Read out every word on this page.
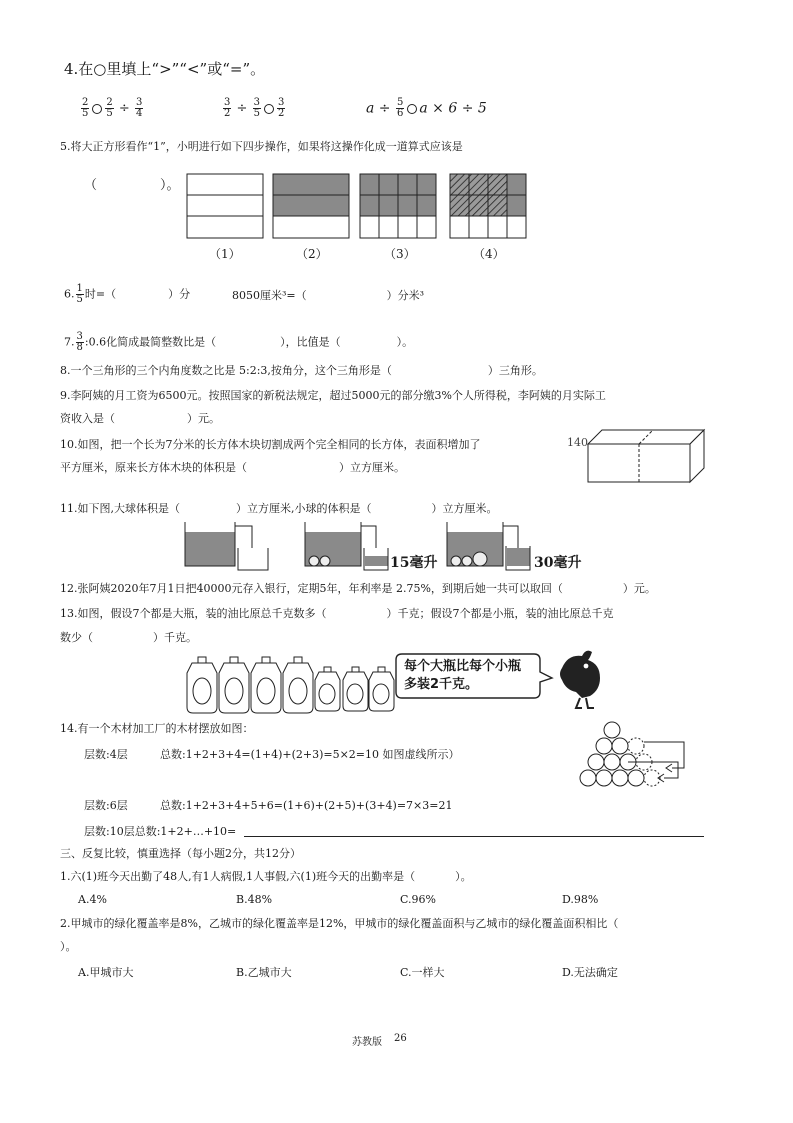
4.在○里填上“>”“<”或“=”。
$\frac{2}{5} \frac{2}{5} \div \frac{3}{4}$	$\frac{3}{2} \div \frac{3}{5} \frac{3}{2}$	$a \div \frac{5}{6}$ a × 6 ÷ 5
5.将大正方形看作“1”，小明进行如下四步操作，如果将这操作化成一道算式应该是
（	）。
（1）	（2）	（3）	（4）
6. $\frac{1}{5}$ 时=（	）分	8050厘米³=（	）分米³
7. $\frac{3}{8}$ :0.6化简成最简整数比是（	），比值是（	）。
8.一个三角形的三个内角度数之比是 5:2:3,按角分，这个三角形是（	）三角形。
9.李阿姨的月工资为6500元。按照国家的新税法规定，超过5000元的部分缴3%个人所得税，李阿姨的月实际工
资收入是（	）元。
10.如图，把一个长为7分米的长方体木块切割成两个完全相同的长方体，表面积增加了	140
平方厘米，原来长方体木块的体积是（	）立方厘米。
11.如下图,大球体积是（	）立方厘米,小球的体积是（	）立方厘米。
15毫升	30毫升
12.张阿姨2020年7月1日把40000元存入银行，定期5年，年利率是 2.75%，到期后她一共可以取回（	）元。
13.如图，假设7个都是大瓶，装的油比原总千克数多（	）千克；假设7个都是小瓶，装的油比原总千克
数少（	）千克。
每个大瓶比每个小瓶多装2千克。
14.有一个木材加工厂的木材摆放如图：
层数:4层	总数:1+2+3+4=(1+4)+(2+3)=5×2=10 如图虚线所示）
层数:6层	总数:1+2+3+4+5+6=(1+6)+(2+5)+(3+4)=7×3=21
层数:10层总数:1+2+…+10=
三、反复比较，慎重选择（每小题2分，共12分）
1.六(1)班今天出勤了48人,有1人病假,1人事假,六(1)班今天的出勤率是（	）。
A.4%	B.48%	C.96%	D.98%
2.甲城市的绿化覆盖率是8%，乙城市的绿化覆盖率是12%，甲城市的绿化覆盖面积与乙城市的绿化覆盖面积相比（
）。
A.甲城市大	B.乙城市大	C.一样大	D.无法确定
苏教版 26
